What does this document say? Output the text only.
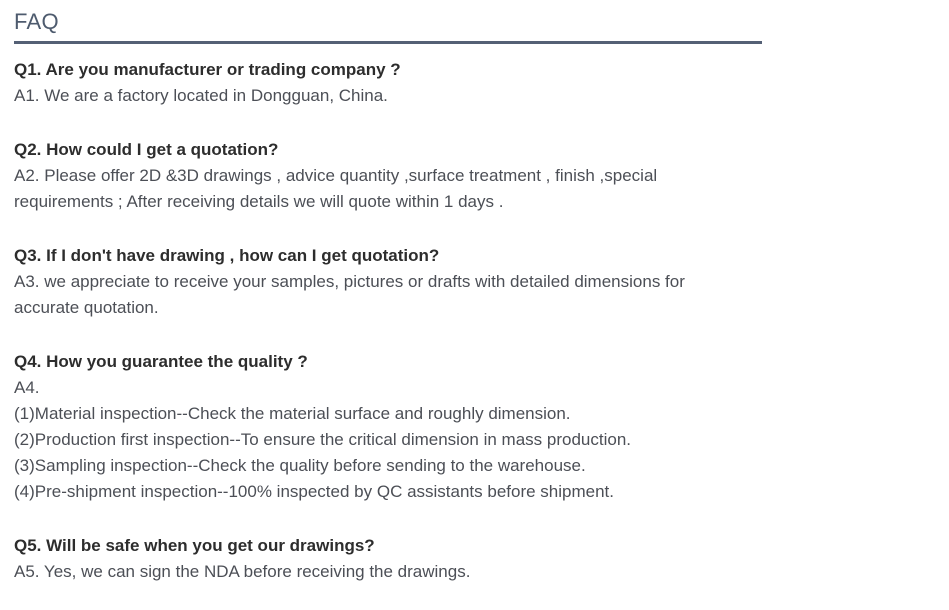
FAQ
Q1. Are you manufacturer or trading company ?

A1. We are a factory located in Dongguan, China.

Q2. How could I get a quotation?

A2. Please offer 2D &3D drawings , advice quantity ,surface treatment , finish ,special

requirements ; After receiving details we will quote within 1 days .

Q3. If I don't have drawing , how can I get quotation?

A3. we appreciate to receive your samples, pictures or drafts with detailed dimensions for

accurate quotation.

Q4. How you guarantee the quality ?

A4.

(1)Material inspection--Check the material surface and roughly dimension.

(2)Production first inspection--To ensure the critical dimension in mass production.

(3)Sampling inspection--Check the quality before sending to the warehouse.

(4)Pre-shipment inspection--100% inspected by QC assistants before shipment.

Q5. Will be safe when you get our drawings?

A5. Yes, we can sign the NDA before receiving the drawings.
